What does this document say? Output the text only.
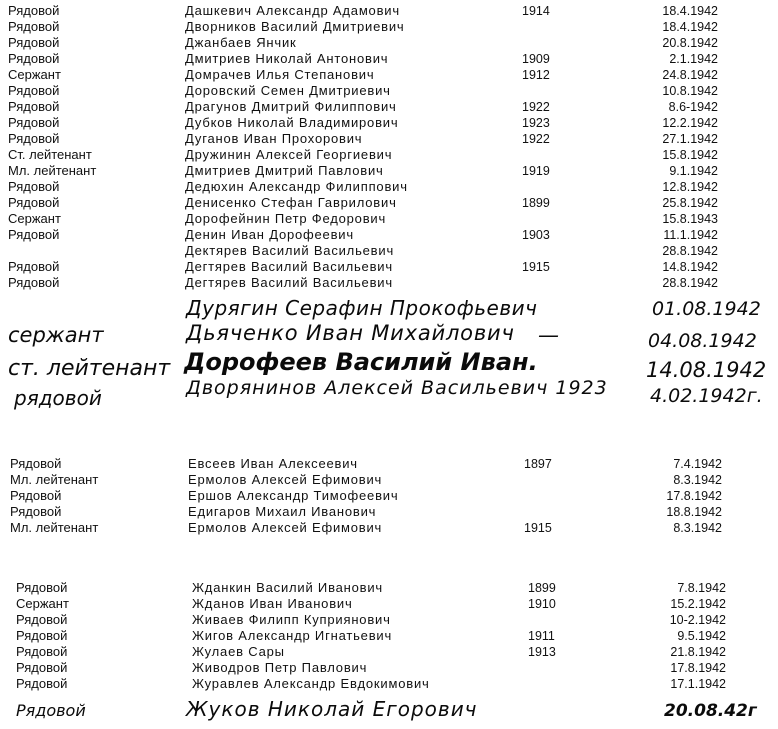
Рядовой	Дашкевич Александр Адамович	1914	18.4.1942
Рядовой	Дворников Василий Дмитриевич	18.4.1942
Рядовой	Джанбаев Янчик	20.8.1942
Рядовой	Дмитриев Николай Антонович	1909	2.1.1942
Сержант	Домрачев Илья Степанович	1912	24.8.1942
Рядовой	Доровский Семен Дмитриевич	10.8.1942
Рядовой	Драгунов Дмитрий Филиппович	1922	8.6-1942
Рядовой	Дубков Николай Владимирович	1923	12.2.1942
Рядовой	Дуганов Иван Прохорович	1922	27.1.1942
Ст. лейтенант	Дружинин Алексей Георгиевич	15.8.1942
Мл. лейтенант	Дмитриев Дмитрий Павлович	1919	9.1.1942
Рядовой	Дедюхин Александр Филиппович	12.8.1942
Рядовой	Денисенко Стефан Гаврилович	1899	25.8.1942
Сержант	Дорофейнин Петр Федорович	15.8.1943
Рядовой	Денин Иван Дорофеевич	1903	11.1.1942
Дектярев Василий Васильевич	28.8.1942
Рядовой	Дегтярев Василий Васильевич	1915	14.8.1942
Рядовой	Дегтярев Василий Васильевич	28.8.1942
Дурягин Серафин Прокофьевич	01.08.1942
сержант	Дьяченко Иван Михайлович —	04.08.1942
ст. лейтенант Дорофеев Василий Иван.	14.08.1942
рядовой	Дворянинов Алексей Васильевич 1923 4.02.1942г.
Рядовой	Евсеев Иван Алексеевич	1897	7.4.1942
Мл. лейтенант	Ермолов Алексей Ефимович	8.3.1942
Рядовой	Ершов Александр Тимофеевич	17.8.1942
Рядовой	Едигаров Михаил Иванович	18.8.1942
Мл. лейтенант	Ермолов Алексей Ефимович	1915	8.3.1942
Рядовой	Жданкин Василий Иванович	1899	7.8.1942
Сержант	Жданов Иван Иванович	1910	15.2.1942
Рядовой	Живаев Филипп Куприянович	10-2.1942
Рядовой	Жигов Александр Игнатьевич	1911	9.5.1942
Рядовой	Жулаев Сары	1913	21.8.1942
Рядовой	Живодров Петр Павлович	17.8.1942
Рядовой	Журавлев Александр Евдокимович	17.1.1942
Рядовой	Жуков Николай Егорович	20.08.42г
